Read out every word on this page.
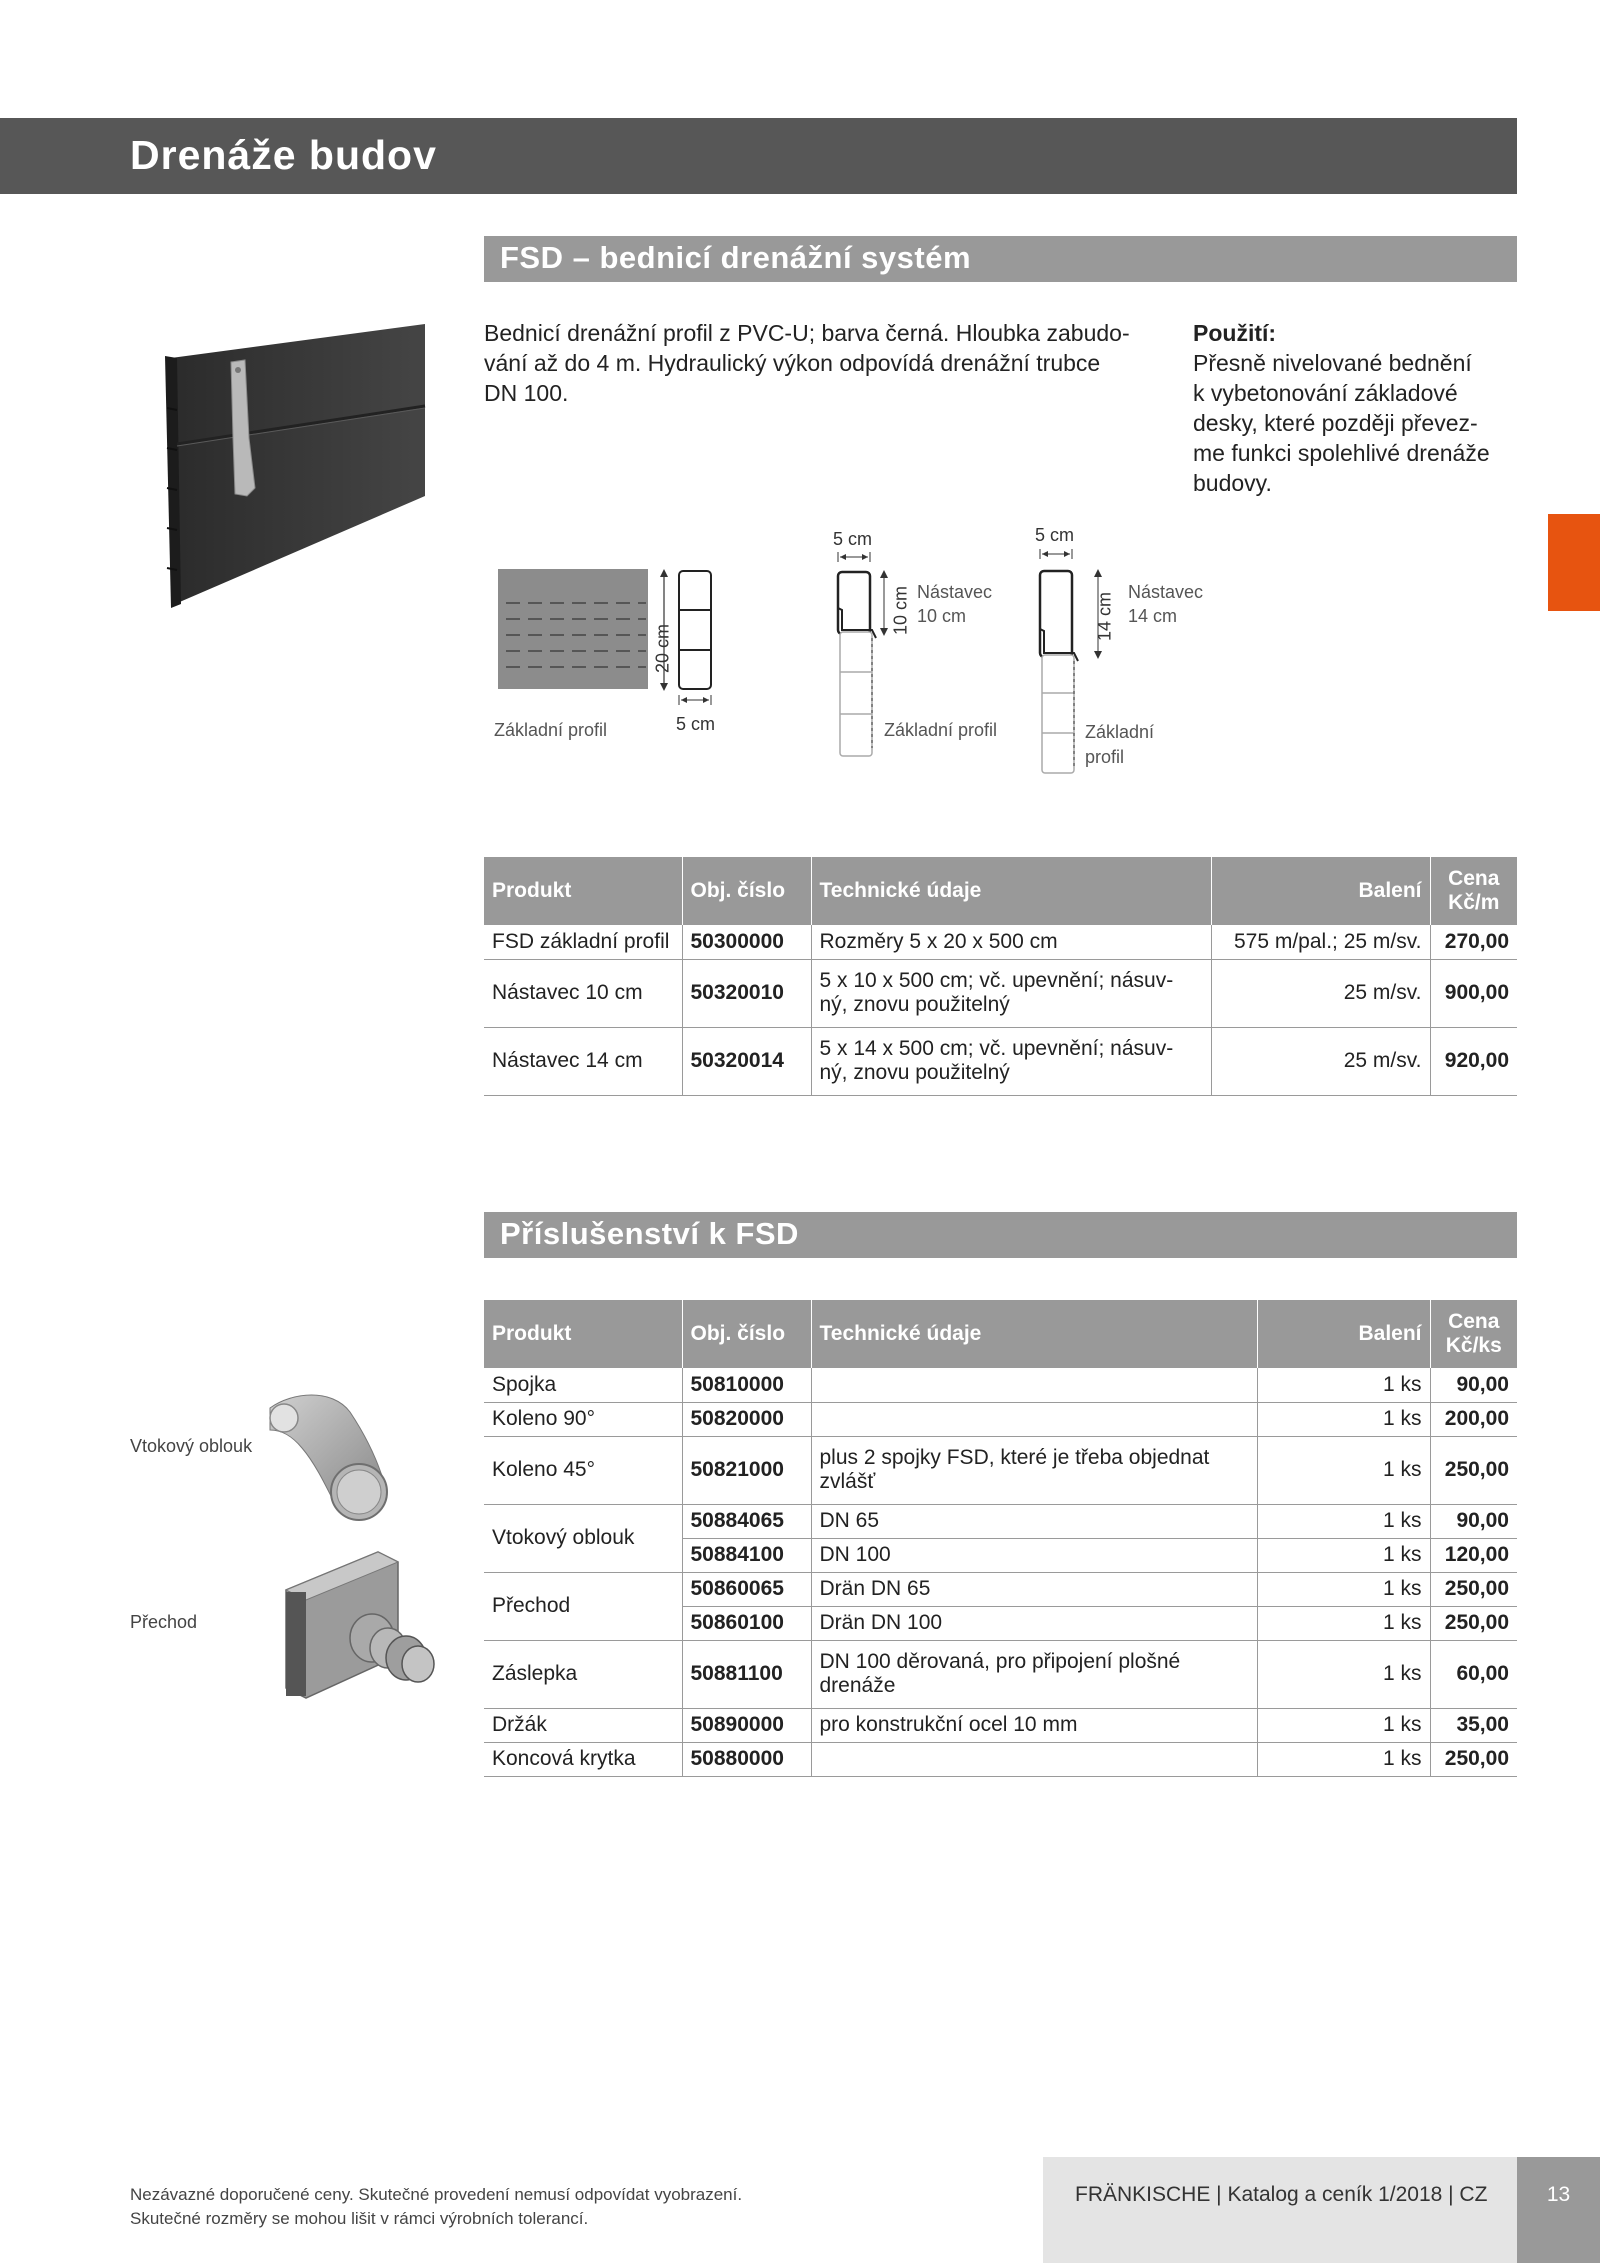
Drenáže budov
FSD – bednicí drenážní systém
Bednicí drenážní profil z PVC-U; barva černá. Hloubka zabudo-
vání až do 4 m. Hydraulický výkon odpovídá drenážní trubce
DN 100.
Použití:
Přesně nivelované bednění
k vybetonování základové
desky, které později převez-
me funkci spolehlivé drenáže
budovy.
20 cm
5 cm
Základní profil
5 cm
10 cm Nástavec
10 cm
Základní profil
5 cm
14 cm Nástavec
14 cm
Základní
profil
Produkt	Obj. číslo	Technické údaje	Balení	Cena
Kč/m

FSD základní profil	50300000	Rozměry 5 x 20 x 500 cm	575 m/pal.; 25 m/sv.	270,00
Nástavec 10 cm	50320010	5 x 10 x 500 cm; vč. upevnění; násuv-
ný, znovu použitelný	25 m/sv.	900,00
Nástavec 14 cm	50320014	5 x 14 x 500 cm; vč. upevnění; násuv-
ný, znovu použitelný	25 m/sv.	920,00
Příslušenství k FSD
Vtokový oblouk
Přechod
Produkt	Obj. číslo	Technické údaje	Balení	Cena
Kč/ks

Spojka	50810000		1 ks	90,00
Koleno 90°	50820000		1 ks	200,00
Koleno 45°	50821000	plus 2 spojky FSD, které je třeba objednat
zvlášť	1 ks	250,00
Vtokový oblouk	50884065	DN 65	1 ks	90,00
	50884100	DN 100	1 ks	120,00
Přechod	50860065	Drän DN 65	1 ks	250,00
	50860100	Drän DN 100	1 ks	250,00
Záslepka	50881100	DN 100 děrovaná, pro připojení plošné
drenáže	1 ks	60,00
Držák	50890000	pro konstrukční ocel 10 mm	1 ks	35,00
Koncová krytka	50880000		1 ks	250,00
Nezávazné doporučené ceny. Skutečné provedení nemusí odpovídat vyobrazení.
Skutečné rozměry se mohou lišit v rámci výrobních tolerancí.
FRÄNKISCHE | Katalog a ceník 1/2018 | CZ	13
